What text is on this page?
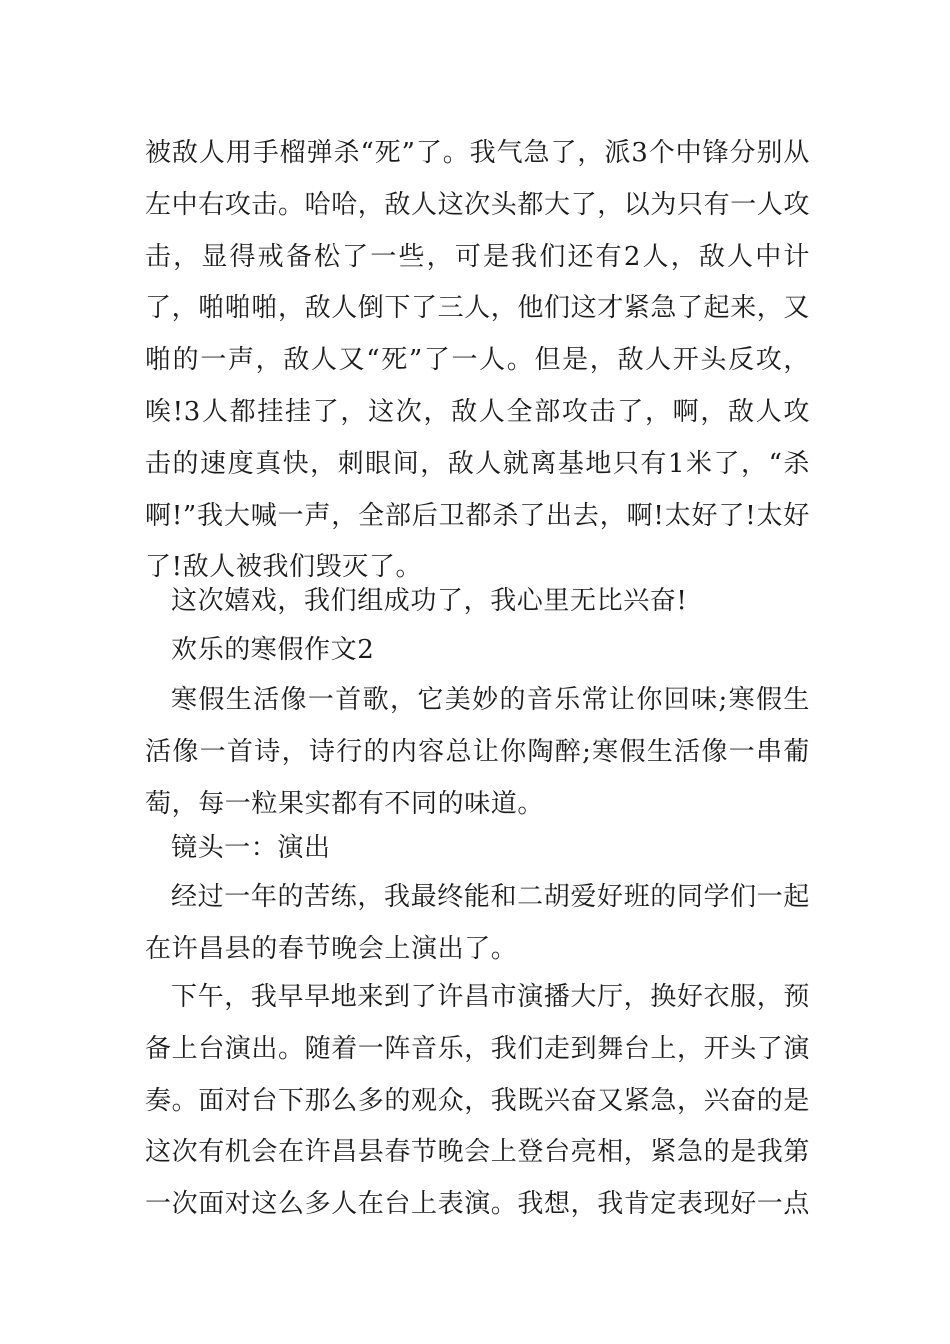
被敌人用手榴弹杀“死”了。我气急了，派3个中锋分别从左中右攻击。哈哈，敌人这次头都大了，以为只有一人攻击，显得戒备松了一些，可是我们还有2人，敌人中计了，啪啪啪，敌人倒下了三人，他们这才紧急了起来，又啪的一声，敌人又“死”了一人。但是，敌人开头反攻，唉!3人都挂挂了，这次，敌人全部攻击了，啊，敌人攻击的速度真快，刺眼间，敌人就离基地只有1米了，“杀啊!”我大喊一声，全部后卫都杀了出去，啊!太好了!太好了!敌人被我们毁灭了。

这次嬉戏，我们组成功了，我心里无比兴奋!

欢乐的寒假作文2

寒假生活像一首歌，它美妙的音乐常让你回味;寒假生活像一首诗，诗行的内容总让你陶醉;寒假生活像一串葡萄，每一粒果实都有不同的味道。

镜头一：演出

经过一年的苦练，我最终能和二胡爱好班的同学们一起在许昌县的春节晚会上演出了。

下午，我早早地来到了许昌市演播大厅，换好衣服，预备上台演出。随着一阵音乐，我们走到舞台上，开头了演奏。面对台下那么多的观众，我既兴奋又紧急，兴奋的是这次有机会在许昌县春节晚会上登台亮相，紧急的是我第一次面对这么多人在台上表演。我想，我肯定表现好一点
